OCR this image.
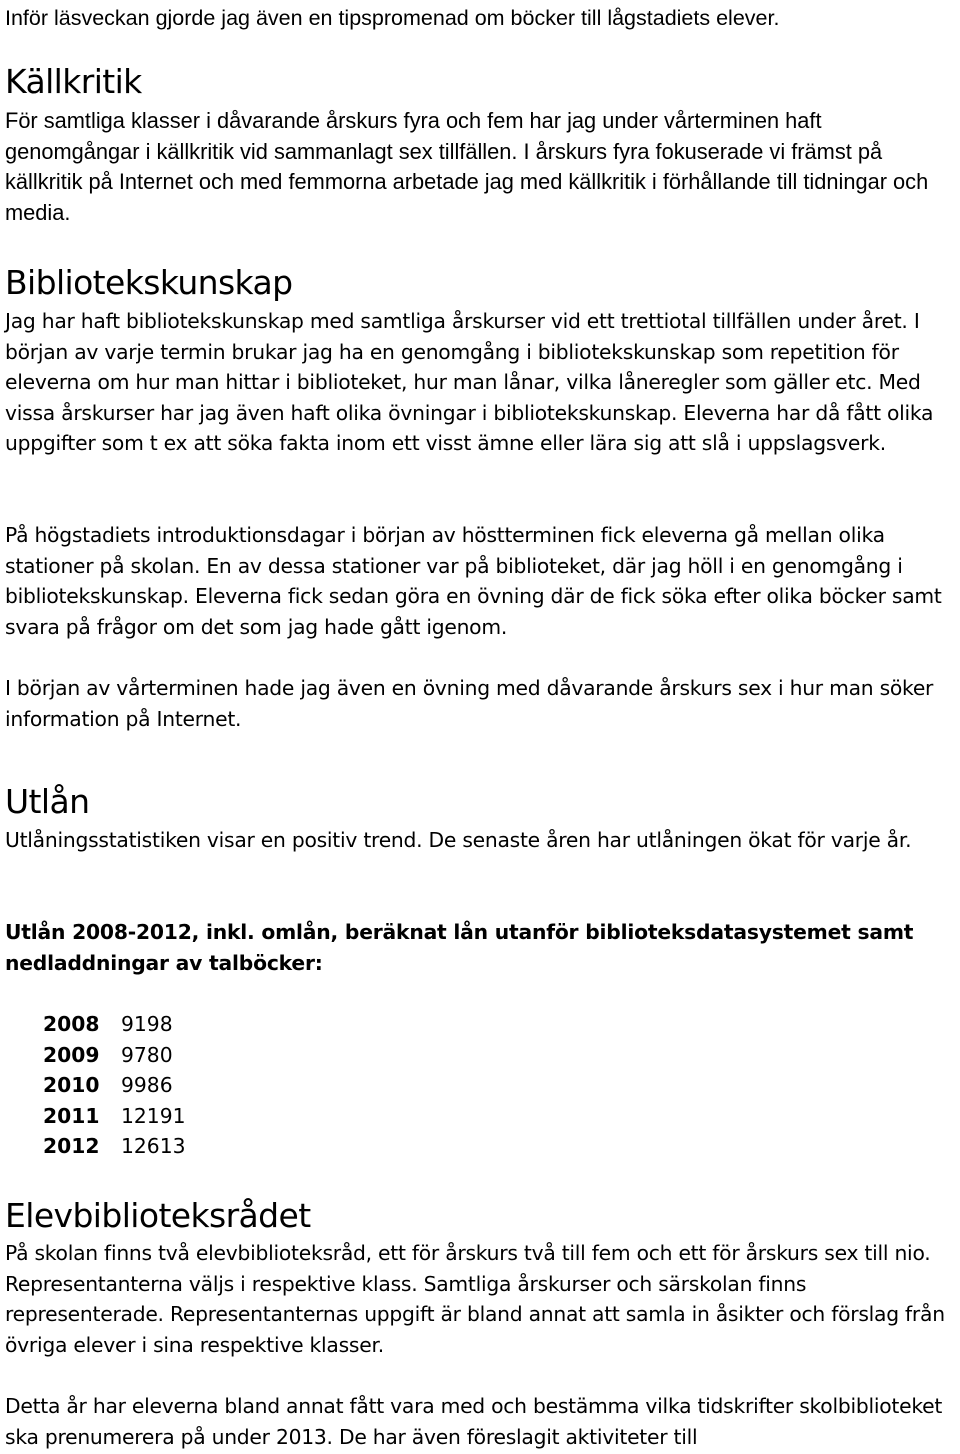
Inför läsveckan gjorde jag även en tipspromenad om böcker till lågstadiets elever.

Källkritik

För samtliga klasser i dåvarande årskurs fyra och fem har jag under vårterminen haft genomgångar i källkritik vid sammanlagt sex tillfällen. I årskurs fyra fokuserade vi främst på källkritik på Internet och med femmorna arbetade jag med källkritik i förhållande till tidningar och media.

Bibliotekskunskap

Jag har haft bibliotekskunskap med samtliga årskurser vid ett trettiotal tillfällen under året. I början av varje termin brukar jag ha en genomgång i bibliotekskunskap som repetition för eleverna om hur man hittar i biblioteket, hur man lånar, vilka låneregler som gäller etc. Med vissa årskurser har jag även haft olika övningar i bibliotekskunskap. Eleverna har då fått olika uppgifter som t ex att söka fakta inom ett visst ämne eller lära sig att slå i uppslagsverk.

På högstadiets introduktionsdagar i början av höstterminen fick eleverna gå mellan olika stationer på skolan. En av dessa stationer var på biblioteket, där jag höll i en genomgång i bibliotekskunskap. Eleverna fick sedan göra en övning där de fick söka efter olika böcker samt svara på frågor om det som jag hade gått igenom.

I början av vårterminen hade jag även en övning med dåvarande årskurs sex i hur man söker information på Internet.

Utlån

Utlåningsstatistiken visar en positiv trend. De senaste åren har utlåningen ökat för varje år.

Utlån 2008-2012, inkl. omlån, beräknat lån utanför biblioteksdatasystemet samt nedladdningar av talböcker:

2008 9198
2009 9780
2010 9986
2011 12191
2012 12613
Elevbiblioteksrådet

På skolan finns två elevbiblioteksråd, ett för årskurs två till fem och ett för årskurs sex till nio. Representanterna väljs i respektive klass. Samtliga årskurser och särskolan finns representerade. Representanternas uppgift är bland annat att samla in åsikter och förslag från övriga elever i sina respektive klasser.

Detta år har eleverna bland annat fått vara med och bestämma vilka tidskrifter skolbiblioteket ska prenumerera på under 2013. De har även föreslagit aktiviteter till
